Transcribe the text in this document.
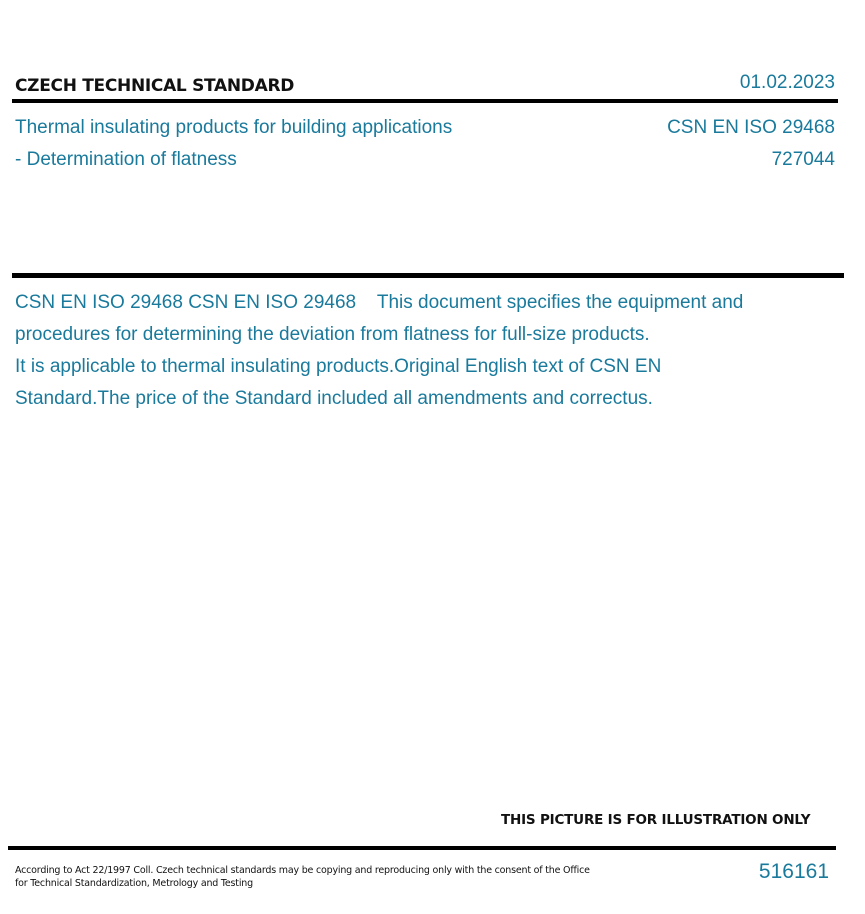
CZECH TECHNICAL STANDARD	01.02.2023
Thermal insulating products for building applications
- Determination of flatness
CSN EN ISO 29468
727044
CSN EN ISO 29468 CSN EN ISO 29468    This document specifies the equipment and
procedures for determining the deviation from flatness for full-size products.
It is applicable to thermal insulating products.Original English text of CSN EN
Standard.The price of the Standard included all amendments and correctus.
THIS PICTURE IS FOR ILLUSTRATION ONLY
According to Act 22/1997 Coll. Czech technical standards may be copying and reproducing only with the consent of the Office
for Technical Standardization, Metrology and Testing
516161
